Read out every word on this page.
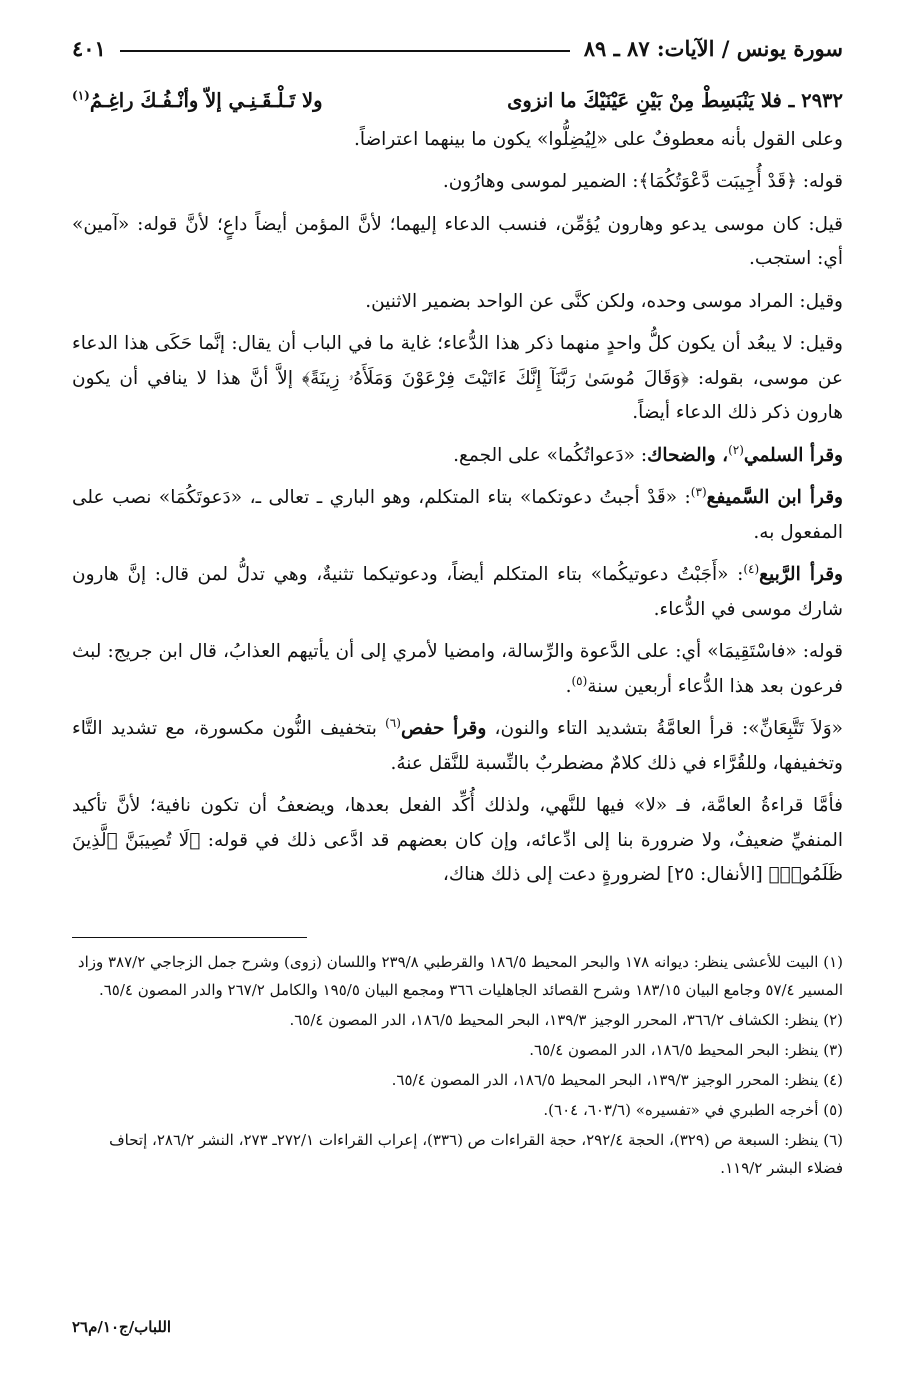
سورة يونس / الآيات: ٨٧ ـ ٨٩
٤٠١

٢٩٣٢ ـ فلا يَنْبَسِطْ مِنْ بَيْنِ عَيْنَيْكَ ما انزوى
ولا تَـلْـقَـنِـي إلاّ وأنْـفُـكَ راغِـمُ$^{(١)}$

وعلى القول بأنه معطوفٌ على «لِيُضِلُّوا» يكون ما بينهما اعتراضاً.

قوله: ﴿قَدْ أُجِيبَت دَّعْوَتُكُمَا﴾: الضمير لموسى وهارُون.

قيل: كان موسى يدعو وهارون يُؤمِّن، فنسب الدعاء إليهما؛ لأنَّ المؤمن أيضاً داعٍ؛ لأنَّ قوله: «آمين» أي: استجب.

وقيل: المراد موسى وحده، ولكن كنَّى عن الواحد بضمير الاثنين.

وقيل: لا يبعُد أن يكون كلُّ واحدٍ منهما ذكر هذا الدُّعاء؛ غاية ما في الباب أن يقال: إنَّما حَكَى هذا الدعاء عن موسى، بقوله: ﴿وَقَالَ مُوسَىٰ رَبَّنَآ إِنَّكَ ءَاتَيْتَ فِرْعَوْنَ وَمَلَأَهُۥ زِينَةً﴾ إلاَّ أنَّ هذا لا ينافي أن يكون هارون ذكر ذلك الدعاء أيضاً.

وقرأ السلمي$^{(٢)}$، والضحاك: «دَعواتُكُما» على الجمع.

وقرأ ابن السَّميفع$^{(٣)}$: «قَدْ أجبتُ دعوتكما» بتاء المتكلم، وهو الباري ـ تعالى ـ، «دَعوتَكُمَا» نصب على المفعول به.

وقرأ الرَّبيع$^{(٤)}$: «أَجَبْتُ دعوتيكُما» بتاء المتكلم أيضاً، ودعوتيكما تثنيةٌ، وهي تدلُّ لمن قال: إنَّ هارون شارك موسى في الدُّعاء.

قوله: «فاسْتَقِيمَا» أي: على الدَّعوة والرِّسالة، وامضيا لأمري إلى أن يأتيهم العذابُ، قال ابن جريج: لبث فرعون بعد هذا الدُّعاء أربعين سنة$^{(٥)}$.

«وَلاَ تَتَّبِعَانِّ»: قرأ العامَّةُ بتشديد التاء والنون، وقرأ حفص$^{(٦)}$ بتخفيف النُّون مكسورة، مع تشديد التَّاء وتخفيفها، وللقُرَّاء في ذلك كلامٌ مضطربٌ بالنِّسبة للنَّقل عنهُ.

فأمَّا قراءةُ العامَّة، فـ «لا» فيها للنَّهي، ولذلك أُكِّد الفعل بعدها، ويضعفُ أن تكون نافية؛ لأنَّ تأكيد المنفيِّ ضعيفٌ، ولا ضرورة بنا إلى ادِّعائه، وإن كان بعضهم قد ادَّعى ذلك في قوله: ﴿لَا تُصِيبَنَّ ٱلَّذِينَ ظَلَمُوا۟﴾ [الأنفال: ٢٥] لضرورةٍ دعت إلى ذلك هناك،

(١) البيت للأعشى ينظر: ديوانه ١٧٨ والبحر المحيط ١٨٦/٥ والقرطبي ٢٣٩/٨ واللسان (زوى) وشرح جمل الزجاجي ٣٨٧/٢ وزاد المسير ٥٧/٤ وجامع البيان ١٨٣/١٥ وشرح القصائد الجاهليات ٣٦٦ ومجمع البيان ١٩٥/٥ والكامل ٢٦٧/٢ والدر المصون ٦٥/٤.

(٢) ينظر: الكشاف ٣٦٦/٢، المحرر الوجيز ١٣٩/٣، البحر المحيط ١٨٦/٥، الدر المصون ٦٥/٤.

(٣) ينظر: البحر المحيط ١٨٦/٥، الدر المصون ٦٥/٤.

(٤) ينظر: المحرر الوجيز ١٣٩/٣، البحر المحيط ١٨٦/٥، الدر المصون ٦٥/٤.

(٥) أخرجه الطبري في «تفسيره» (٦٠٣/٦، ٦٠٤).

(٦) ينظر: السبعة ص (٣٢٩)، الحجة ٢٩٢/٤، حجة القراءات ص (٣٣٦)، إعراب القراءات ٢٧٢/١ـ ٢٧٣، النشر ٢٨٦/٢، إتحاف فضلاء البشر ١١٩/٢.

اللباب/ج١٠/م٢٦
